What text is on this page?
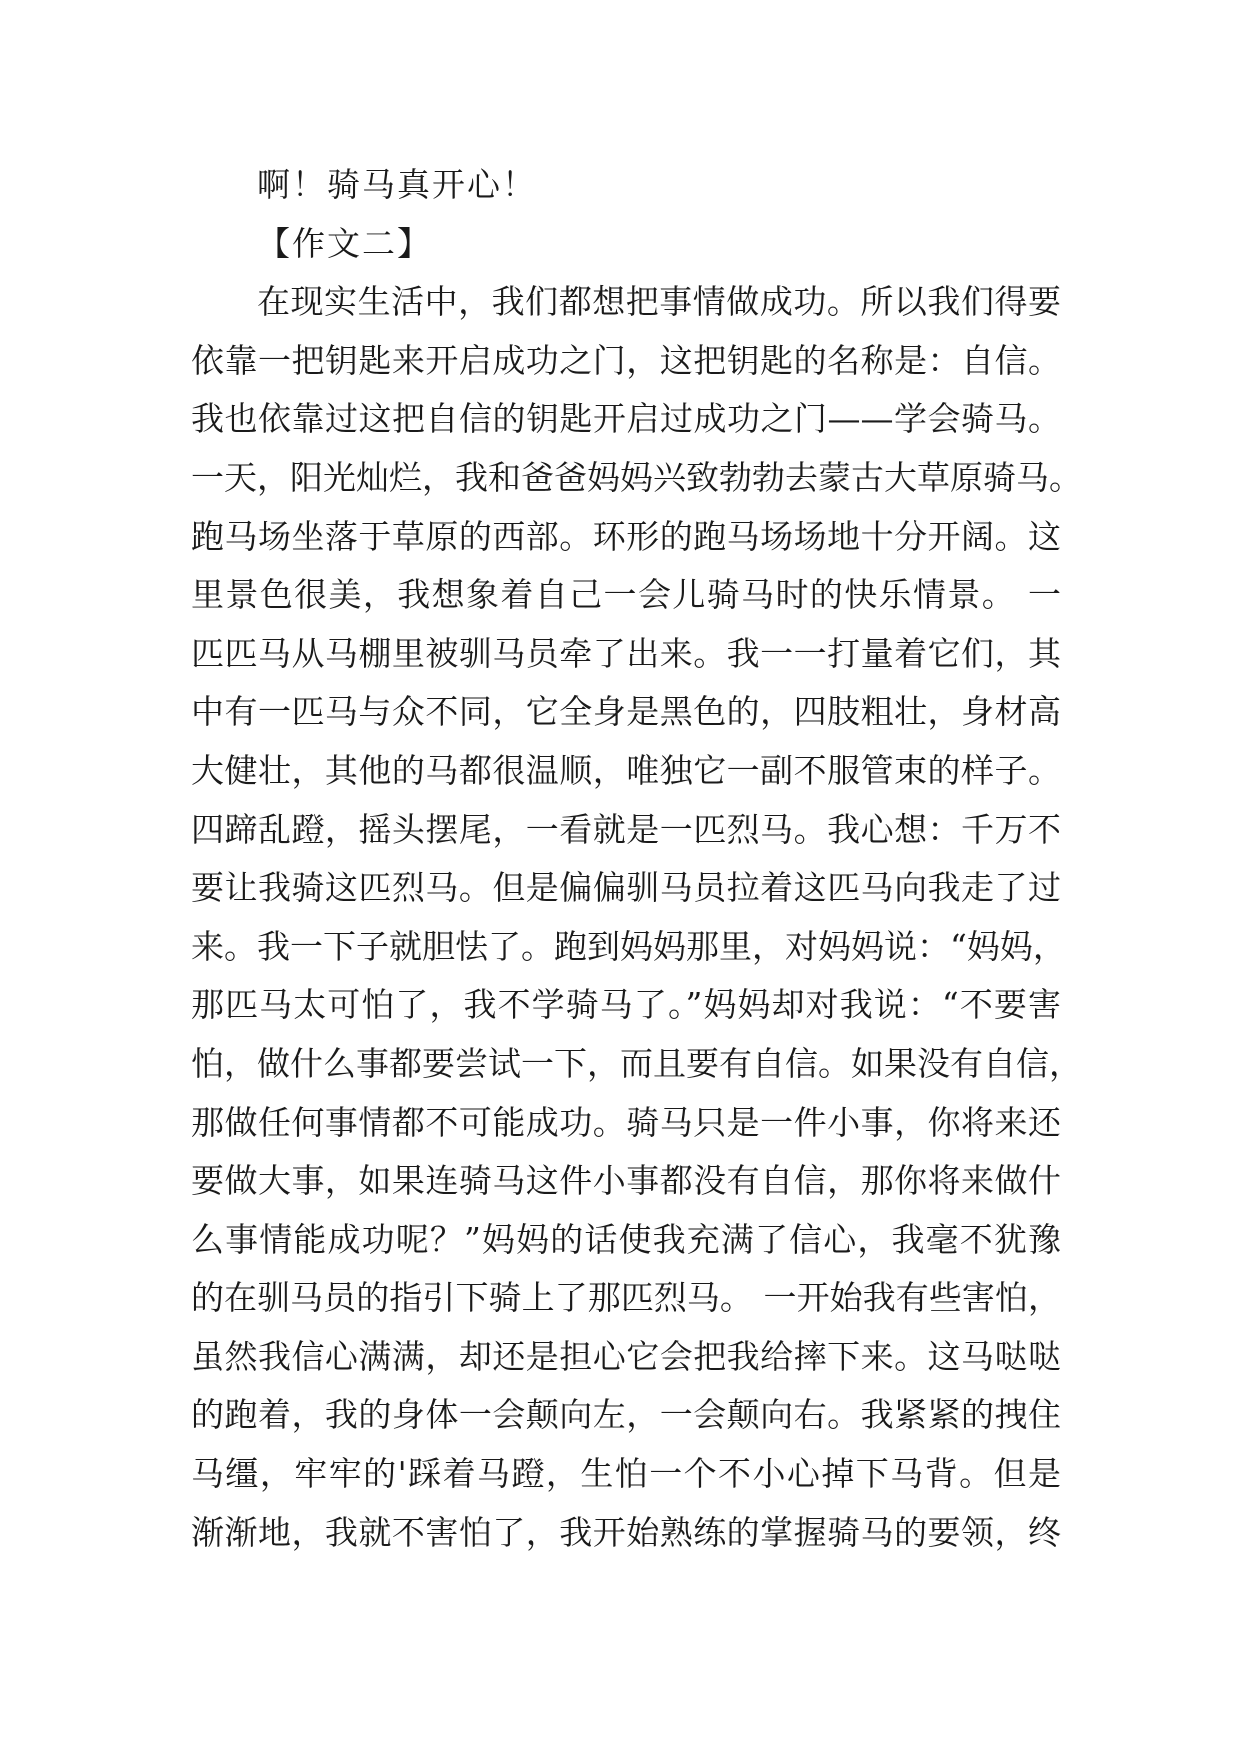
啊！骑马真开心！
【作文二】
在现实生活中，我们都想把事情做成功。所以我们得要
依靠一把钥匙来开启成功之门，这把钥匙的名称是：自信。
我也依靠过这把自信的钥匙开启过成功之门——学会骑马。
一天，阳光灿烂，我和爸爸妈妈兴致勃勃去蒙古大草原骑马。
跑马场坐落于草原的西部。环形的跑马场场地十分开阔。这
里景色很美，我想象着自己一会儿骑马时的快乐情景。 一
匹匹马从马棚里被驯马员牵了出来。我一一打量着它们，其
中有一匹马与众不同，它全身是黑色的，四肢粗壮，身材高
大健壮，其他的马都很温顺，唯独它一副不服管束的样子。
四蹄乱蹬，摇头摆尾，一看就是一匹烈马。我心想：千万不
要让我骑这匹烈马。但是偏偏驯马员拉着这匹马向我走了过
来。我一下子就胆怯了。跑到妈妈那里，对妈妈说：“妈妈，
那匹马太可怕了，我不学骑马了。”妈妈却对我说：“不要害
怕，做什么事都要尝试一下，而且要有自信。如果没有自信，
那做任何事情都不可能成功。骑马只是一件小事，你将来还
要做大事，如果连骑马这件小事都没有自信，那你将来做什
么事情能成功呢？”妈妈的话使我充满了信心，我毫不犹豫
的在驯马员的指引下骑上了那匹烈马。 一开始我有些害怕，
虽然我信心满满，却还是担心它会把我给摔下来。这马哒哒
的跑着，我的身体一会颠向左，一会颠向右。我紧紧的拽住
马缰，牢牢的'踩着马蹬，生怕一个不小心掉下马背。但是
渐渐地，我就不害怕了，我开始熟练的掌握骑马的要领，终
